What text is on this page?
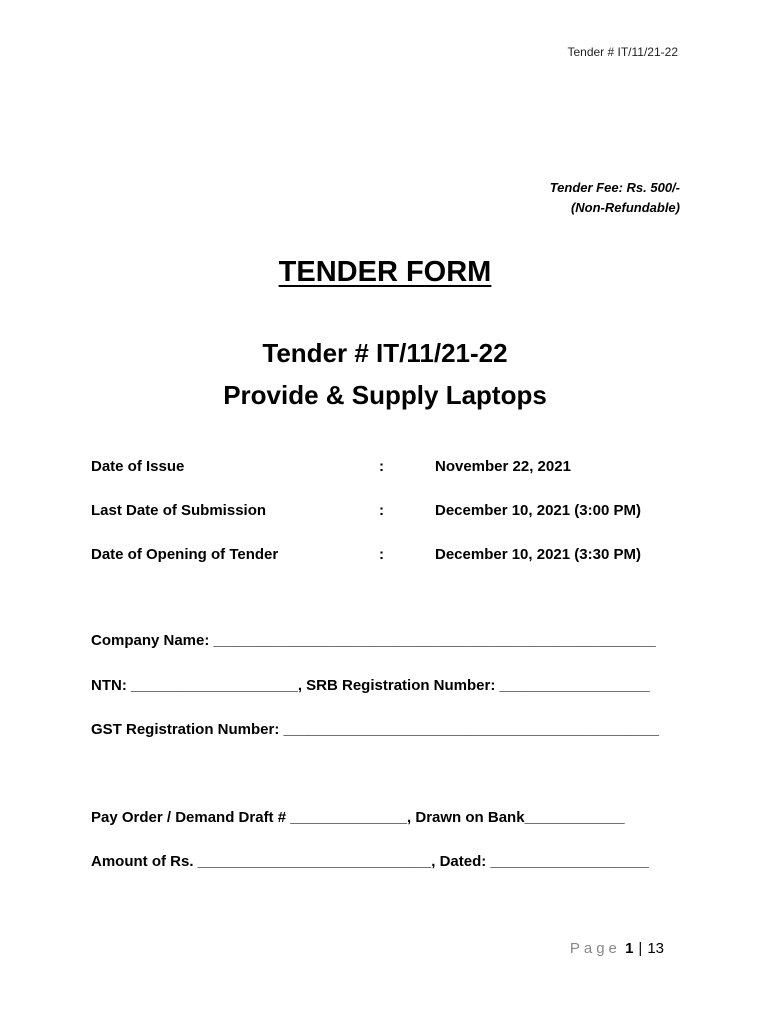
Tender # IT/11/21-22
Tender Fee: Rs. 500/-
(Non-Refundable)
TENDER FORM
Tender # IT/11/21-22
Provide & Supply Laptops
Date of Issue	:	November 22, 2021
Last Date of Submission	:	December 10, 2021 (3:00 PM)
Date of Opening of Tender	:	December 10, 2021 (3:30 PM)
Company Name: _____________________________________________________
NTN: ____________________, SRB Registration Number: __________________
GST Registration Number: _____________________________________________
Pay Order / Demand Draft # ______________, Drawn on Bank____________
Amount of Rs. ____________________________, Dated: ___________________
Page 1 | 13
